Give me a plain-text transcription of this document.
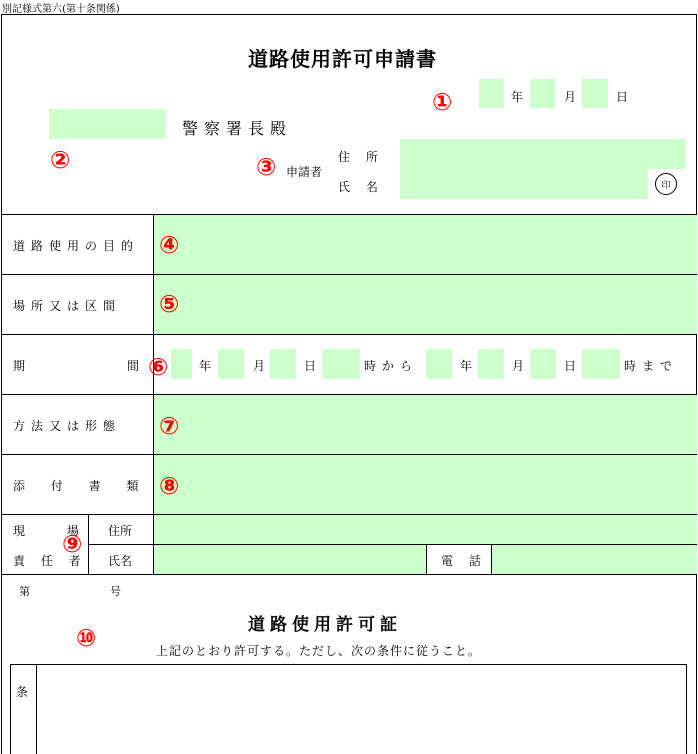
別記様式第六(第十条関係)
道路使用許可申請書
①	年	月	日
警察署長殿
②	③ 申請者
住 所
氏 名	印
道路使用の目的 ④
場所又は区間 ⑤
期	間 ⑥	年	月	日	時から	年	月	日	時まで
方法又は形態 ⑦
添 付 書 類 ⑧
現 場
責 任 者
⑨ 住所
氏名	電 話
第	号
道路使用許可証
⑩	上記のとおり許可する。ただし、次の条件に従うこと。
条
